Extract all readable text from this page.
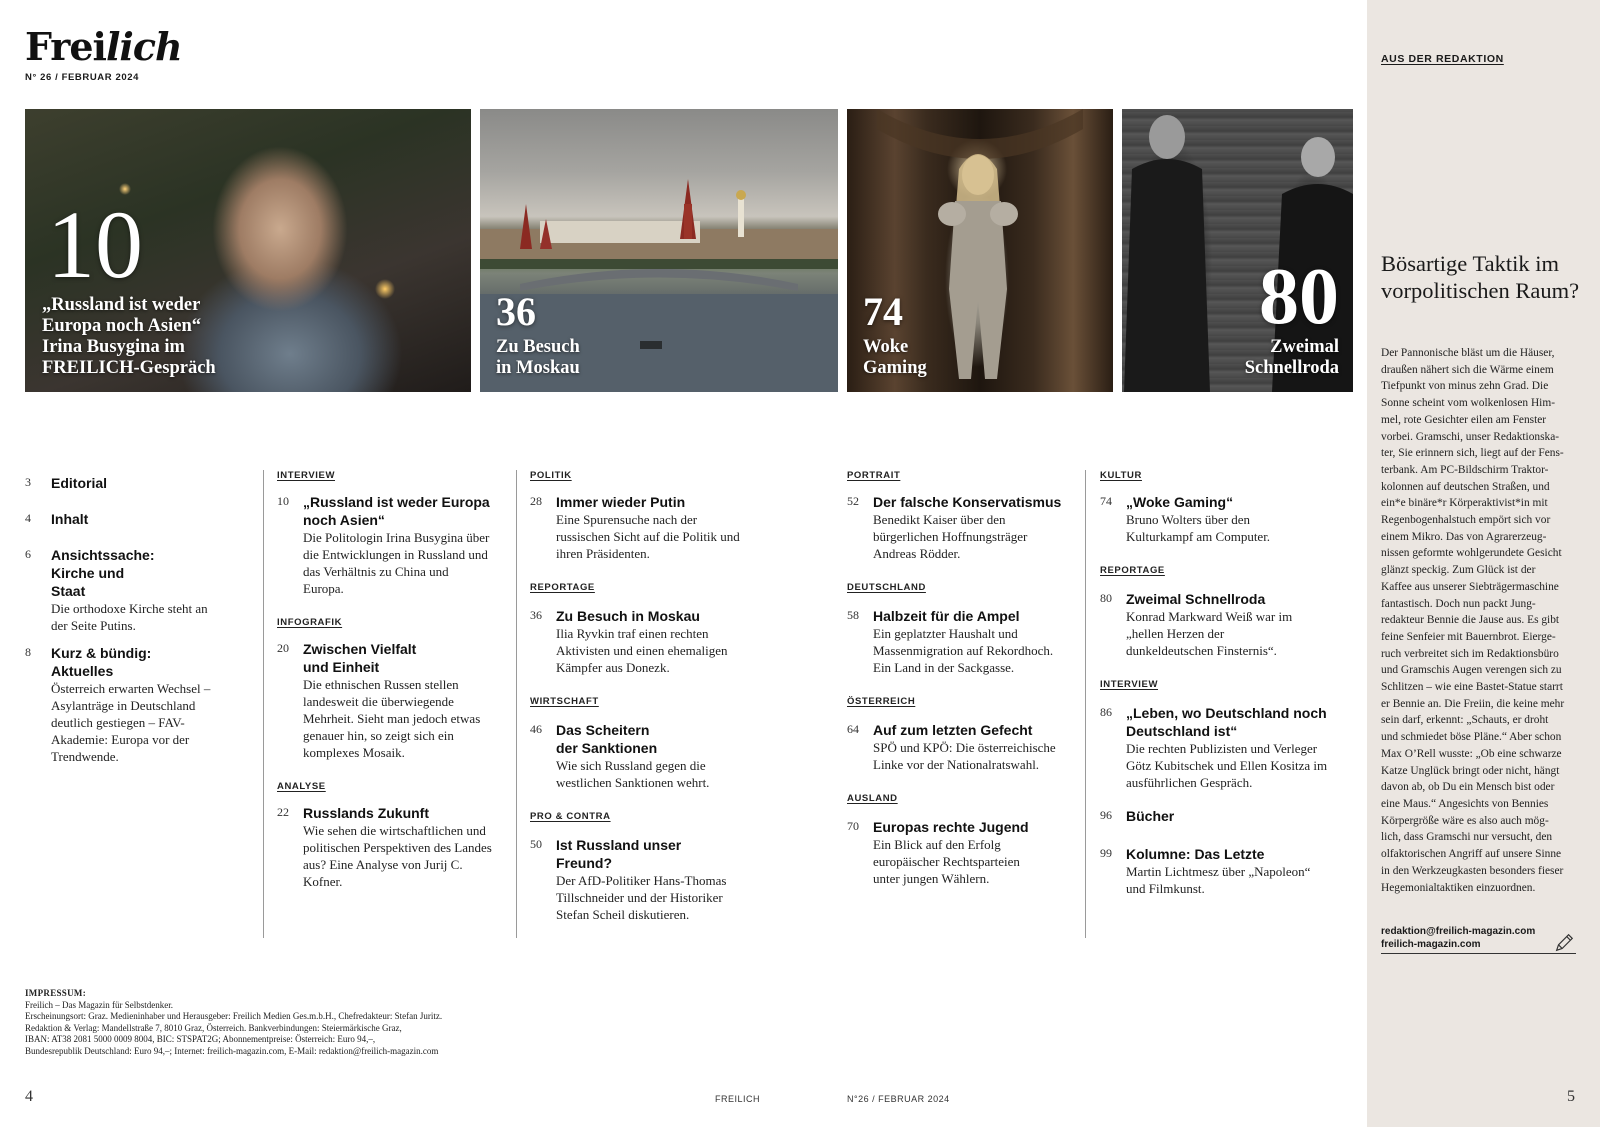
Freilich
N° 26 / FEBRUAR 2024
10
„Russland ist weder
Europa noch Asien“
Irina Busygina im
FREILICH-Gespräch
36
Zu Besuch
in Moskau
74
Woke
Gaming
80
Zweimal
Schnellroda
3 Editorial
4 Inhalt
6 Ansichtssache: Kirche und Staat
Die orthodoxe Kirche steht an der Seite Putins.
8 Kurz & bündig: Aktuelles
Österreich erwarten Wechsel – Asylanträge in Deutschland deutlich gestiegen – FAV-Akademie: Europa vor der Trendwende.
INTERVIEW
10 „Russland ist weder Europa noch Asien“
Die Politologin Irina Busygina über die Entwicklungen in Russland und das Verhältnis zu China und Europa.
INFOGRAFIK
20 Zwischen Vielfalt und Einheit
Die ethnischen Russen stellen landesweit die überwiegende Mehrheit. Sieht man jedoch etwas genauer hin, so zeigt sich ein komplexes Mosaik.
ANALYSE
22 Russlands Zukunft
Wie sehen die wirtschaftlichen und politischen Perspektiven des Landes aus? Eine Analyse von Jurij C. Kofner.
POLITIK
28 Immer wieder Putin
Eine Spurensuche nach der russischen Sicht auf die Politik und ihren Präsidenten.
REPORTAGE
36 Zu Besuch in Moskau
Ilia Ryvkin traf einen rechten Aktivisten und einen ehemaligen Kämpfer aus Donezk.
WIRTSCHAFT
46 Das Scheitern der Sanktionen
Wie sich Russland gegen die westlichen Sanktionen wehrt.
PRO & CONTRA
50 Ist Russland unser Freund?
Der AfD-Politiker Hans-Thomas Tillschneider und der Historiker Stefan Scheil diskutieren.
PORTRAIT
52 Der falsche Konservatismus
Benedikt Kaiser über den bürgerlichen Hoffnungsträger Andreas Rödder.
DEUTSCHLAND
58 Halbzeit für die Ampel
Ein geplatzter Haushalt und Massenmigration auf Rekordhoch. Ein Land in der Sackgasse.
ÖSTERREICH
64 Auf zum letzten Gefecht
SPÖ und KPÖ: Die österreichische Linke vor der Nationalratswahl.
AUSLAND
70 Europas rechte Jugend
Ein Blick auf den Erfolg europäischer Rechtsparteien unter jungen Wählern.
KULTUR
74 „Woke Gaming“
Bruno Wolters über den Kulturkampf am Computer.
REPORTAGE
80 Zweimal Schnellroda
Konrad Markward Weiß war im „hellen Herzen der dunkeldeutschen Finsternis“.
INTERVIEW
86 „Leben, wo Deutschland noch Deutschland ist“
Die rechten Publizisten und Verleger Götz Kubitschek und Ellen Kositza im ausführlichen Gespräch.
96 Bücher
99 Kolumne: Das Letzte
Martin Lichtmesz über „Napoleon“ und Filmkunst.
IMPRESSUM:
Freilich – Das Magazin für Selbstdenker.
Erscheinungsort: Graz. Medieninhaber und Herausgeber: Freilich Medien Ges.m.b.H., Chefredakteur: Stefan Juritz.
Redaktion & Verlag: Mandellstraße 7, 8010 Graz, Österreich. Bankverbindungen: Steiermärkische Graz,
IBAN: AT38 2081 5000 0009 8004, BIC: STSPAT2G; Abonnementpreise: Österreich: Euro 94,–,
Bundesrepublik Deutschland: Euro 94,–; Internet: freilich-magazin.com, E-Mail: redaktion@freilich-magazin.com
4	FREILICH	N°26 / FEBRUAR 2024
AUS DER REDAKTION
Bösartige Taktik im vorpolitischen Raum?
Der Pannonische bläst um die Häuser,
draußen nähert sich die Wärme einem
Tiefpunkt von minus zehn Grad. Die
Sonne scheint vom wolkenlosen Him-
mel, rote Gesichter eilen am Fenster
vorbei. Gramschi, unser Redaktionska-
ter, Sie erinnern sich, liegt auf der Fens-
terbank. Am PC-Bildschirm Traktor-
kolonnen auf deutschen Straßen, und
ein*e binäre*r Körperaktivist*in mit
Regenbogenhalstuch empört sich vor
einem Mikro. Das von Agrarerzeug-
nissen geformte wohlgerundete Gesicht
glänzt speckig. Zum Glück ist der
Kaffee aus unserer Siebträgermaschine
fantastisch. Doch nun packt Jung-
redakteur Bennie die Jause aus. Es gibt
feine Senfeier mit Bauernbrot. Eierge-
ruch verbreitet sich im Redaktionsbüro
und Gramschis Augen verengen sich zu
Schlitzen – wie eine Bastet-Statue starrt
er Bennie an. Die Freiin, die keine mehr
sein darf, erkennt: „Schauts, er droht
und schmiedet böse Pläne.“ Aber schon
Max O’Rell wusste: „Ob eine schwarze
Katze Unglück bringt oder nicht, hängt
davon ab, ob Du ein Mensch bist oder
eine Maus.“ Angesichts von Bennies
Körpergröße wäre es also auch mög-
lich, dass Gramschi nur versucht, den
olfaktorischen Angriff auf unsere Sinne
in den Werkzeugkasten besonders fieser
Hegemonialtaktiken einzuordnen.
redaktion@freilich-magazin.com
freilich-magazin.com
5
